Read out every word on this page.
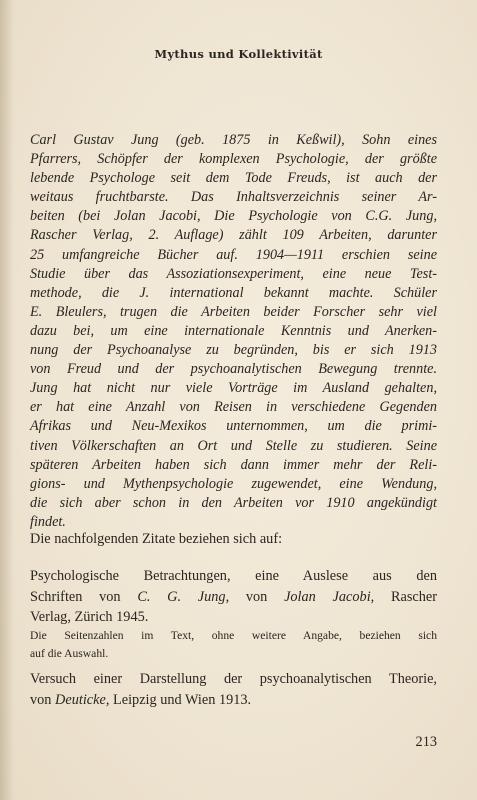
Mythus und Kollektivität
Carl Gustav Jung (geb. 1875 in Keßwil), Sohn eines
Pfarrers, Schöpfer der komplexen Psychologie, der größte
lebende Psychologe seit dem Tode Freuds, ist auch der
weitaus fruchtbarste. Das Inhaltsverzeichnis seiner Ar-
beiten (bei Jolan Jacobi, Die Psychologie von C.G. Jung,
Rascher Verlag, 2. Auflage) zählt 109 Arbeiten, darunter
25 umfangreiche Bücher auf. 1904—1911 erschien seine
Studie über das Assoziationsexperiment, eine neue Test-
methode, die J. international bekannt machte. Schüler
E. Bleulers, trugen die Arbeiten beider Forscher sehr viel
dazu bei, um eine internationale Kenntnis und Anerken-
nung der Psychoanalyse zu begründen, bis er sich 1913
von Freud und der psychoanalytischen Bewegung trennte.
Jung hat nicht nur viele Vorträge im Ausland gehalten,
er hat eine Anzahl von Reisen in verschiedene Gegenden
Afrikas und Neu-Mexikos unternommen, um die primi-
tiven Völkerschaften an Ort und Stelle zu studieren. Seine
späteren Arbeiten haben sich dann immer mehr der Reli-
gions- und Mythenpsychologie zugewendet, eine Wendung,
die sich aber schon in den Arbeiten vor 1910 angekündigt
findet.
Die nachfolgenden Zitate beziehen sich auf:
Psychologische Betrachtungen, eine Auslese aus den
Schriften von C. G. Jung, von Jolan Jacobi, Rascher
Verlag, Zürich 1945.
Die Seitenzahlen im Text, ohne weitere Angabe, beziehen sich
auf die Auswahl.
Versuch einer Darstellung der psychoanalytischen Theorie,
von Deuticke, Leipzig und Wien 1913.
213
